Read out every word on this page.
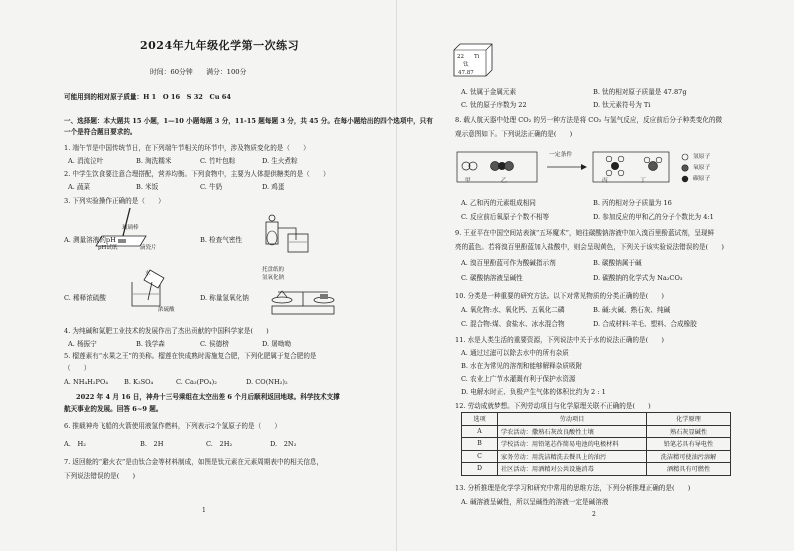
2024年九年级化学第一次练习
时间：60分钟　　满分：100分
可能用到的相对原子质量：H 1　O 16　S 32　Cu 64
一、选择题：本大题共 15 小题，1—10 小题每题 3 分，11-15 题每题 3 分，共 45 分。在每小题给出的四个选项中，只有
一个是符合题目要求的。
1. 端午节是中国传统节日，在下列端午节相关的环节中，涉及物质变化的是（　　）
A. 涓流泣叶	B. 淘洗糯米	C. 竹叶包粽	D. 生火煮粽
2. 中学生饮食要注意合理搭配，营养均衡。下列食物中，主要为人体提供糖类的是（　　）
A. 蔬菜	B. 米饭	C. 牛奶	D. 鸡蛋
3. 下列实验操作正确的是（　　）
玻璃棒
pH试纸	滴瓷片
A. 测量溶液的pH	B. 检查气密性
水
浓硫酸
C. 稀释浓硫酸
托盘纸的
氢氧化钠
D. 称量氢氧化钠
4. 为纯碱和氮肥工业技术的发展作出了杰出贡献的中国科学家是(　　)
A. 杨振宁	B. 钱学森	C. 侯德榜	D. 屠呦呦
5. 榴莲素有“水果之王”的美称。榴莲在快成熟时需施复合肥，下列化肥属于复合肥的是
（　　）
A. NH₄H₂PO₄ B. K₂SO₄	C. Ca₃(PO₄)₂	D. CO(NH₂)₂
2022 年 4 月 16 日，神舟十三号乘组在太空出差 6 个月后顺利返回地球。科学技术支撑
航天事业的发展。回答 6~9 题。
6. 推载神舟飞船的火箭使用液氢作燃料，下列表示2个氢原子的是（　　）
A.　H₂	B.　2H	C.　2H₂	D.　2N₂
7. 返回舱的“避火衣”是由钛合金等材料制成，如图是钛元素在元素周期表中的相关信息，
下列说法错误的是(　　)
1
22 Ti
钛
47.87
A. 钛属于金属元素	B. 钛的相对原子质量是 47.87g
C. 钛的原子序数为 22	D. 钛元素符号为 Ti
8. 载人航天器中处理 CO₂ 的另一种方法是将 CO₂ 与氢气反应，反应前后分子种类变化的微
观示意图如下。下列说法正确的是(　　)
一定条件
甲	乙	丙	丁
氢原子
氧原子
碳原子
A. 乙和丙的元素组成相同	B. 丙的相对分子质量为 16
C. 反应前后氧原子个数不相等	D. 参加反应的甲和乙的分子个数比为 4:1
9. 王亚平在中国空间站表演“五环魔术”，她往碳酸钠溶液中加入溴百里酚蓝试剂，呈现鲜
亮的蓝色。若将溴百里酚蓝加入盐酸中，则会呈现黄色，下列关于该实验说法错误的是(　　)
A. 溴百里酚蓝可作为酸碱指示剂	B. 碳酸钠属于碱
C. 碳酸钠溶液呈碱性	D. 碳酸钠的化学式为 Na₂CO₃
10. 分类是一种重要的研究方法。以下对常见物质的分类正确的是(　　)
A. 氧化物:水、氧化钙、五氧化二磷	B. 碱:火碱、熟石灰、纯碱
C. 混合物:煤、食盐水、冰水混合物	D. 合成材料:羊毛、塑料、合成橡胶
11. 水是人类生活的重要资源，下列说法中关于水的说法正确的是(　　)
A. 通过过滤可以除去水中的所有杂质
B. 水在为常见的溶剂和能够解释杂质吸附
C. 农业上广节水灌溉有利于保护水资源
D. 电解水时正、负极产生气体的体积比约为 2 : 1
12. 劳动成就梦想。下列劳动项目与化学原理关联不正确的是(　　)
选项	劳动项目	化学原理
A	学农活动：撒熟石灰改良酸性土壤	熟石灰显碱性
B	学校活动：用铅笔芯作简易电池的电极材料	铅笔芯具有导电性
C	家务劳动：用洗洁精洗去餐具上的油污	洗洁精可使油污溶解
D	社区活动：用酒精对公共设施消毒	酒精具有可燃性
13. 分析推理是化学学习和研究中常用的思维方法，下列分析推理正确的是(　　)
A. 碱溶液呈碱性，所以呈碱性的溶液一定是碱溶液
2
